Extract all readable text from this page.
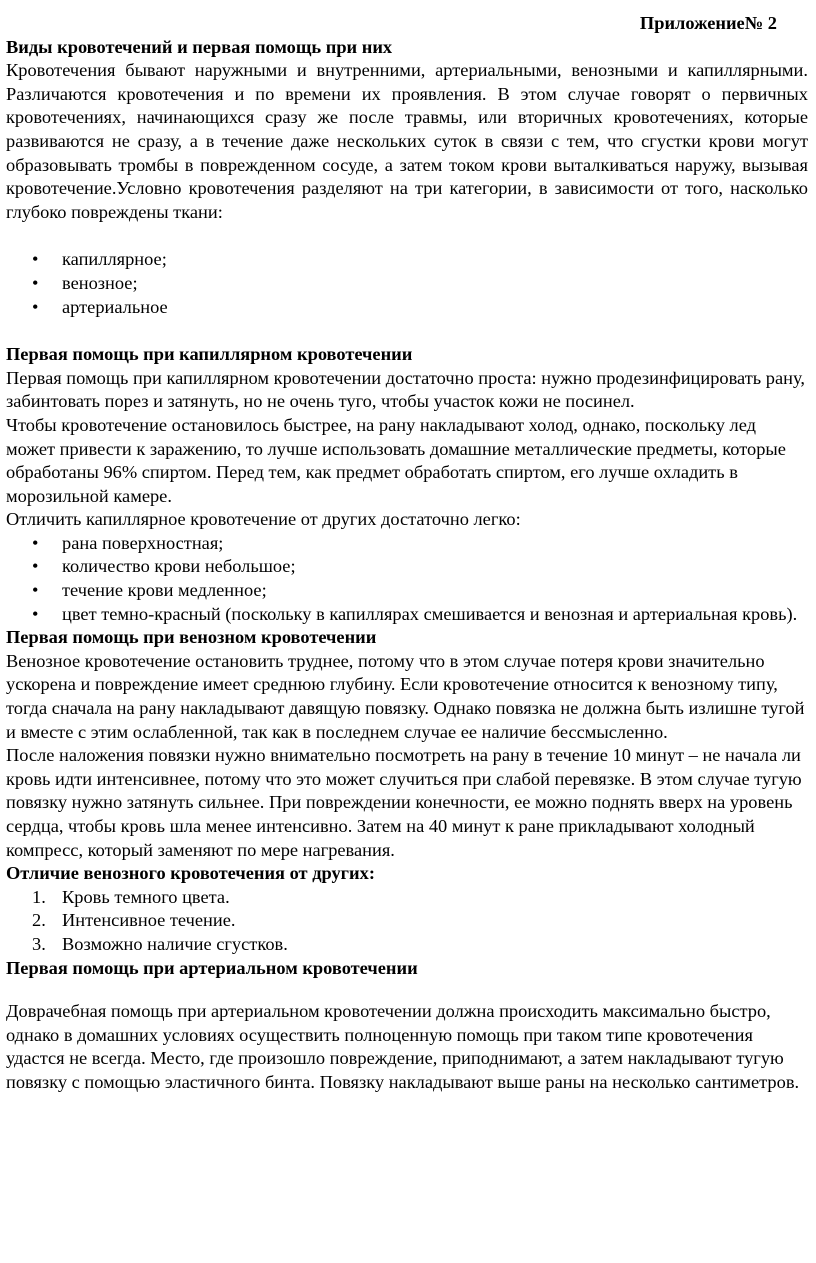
Приложение№ 2

Виды кровотечений и первая помощь при них

Кровотечения бывают наружными и внутренними, артериальными, венозными и капиллярными. Различаются кровотечения и по времени их проявления. В этом случае говорят о первичных кровотечениях, начинающихся сразу же после травмы, или вторичных кровотечениях, которые развиваются не сразу, а в течение даже нескольких суток в связи с тем, что сгустки крови могут образовывать тромбы в поврежденном сосуде, а затем током крови выталкиваться наружу, вызывая кровотечение.Условно кровотечения разделяют на три категории, в зависимости от того, насколько глубоко повреждены ткани:

• капиллярное;
• венозное;
• артериальное

Первая помощь при капиллярном кровотечении

Первая помощь при капиллярном кровотечении достаточно проста: нужно продезинфицировать рану, забинтовать порез и затянуть, но не очень туго, чтобы участок кожи не посинел.

Чтобы кровотечение остановилось быстрее, на рану накладывают холод, однако, поскольку лед может привести к заражению, то лучше использовать домашние металлические предметы, которые обработаны 96% спиртом. Перед тем, как предмет обработать спиртом, его лучше охладить в морозильной камере.

Отличить капиллярное кровотечение от других достаточно легко:

• рана поверхностная;
• количество крови небольшое;
• течение крови медленное;
• цвет темно-красный (поскольку в капиллярах смешивается и венозная и артериальная кровь).

Первая помощь при венозном кровотечении

Венозное кровотечение остановить труднее, потому что в этом случае потеря крови значительно ускорена и повреждение имеет среднюю глубину. Если кровотечение относится к венозному типу, тогда сначала на рану накладывают давящую повязку. Однако повязка не должна быть излишне тугой и вместе с этим ослабленной, так как в последнем случае ее наличие бессмысленно.

После наложения повязки нужно внимательно посмотреть на рану в течение 10 минут – не начала ли кровь идти интенсивнее, потому что это может случиться при слабой перевязке. В этом случае тугую повязку нужно затянуть сильнее. При повреждении конечности, ее можно поднять вверх на уровень сердца, чтобы кровь шла менее интенсивно. Затем на 40 минут к ране прикладывают холодный компресс, который заменяют по мере нагревания.

Отличие венозного кровотечения от других:

1. Кровь темного цвета.
2. Интенсивное течение.
3. Возможно наличие сгустков.

Первая помощь при артериальном кровотечении

Доврачебная помощь при артериальном кровотечении должна происходить максимально быстро, однако в домашних условиях осуществить полноценную помощь при таком типе кровотечения удастся не всегда. Место, где произошло повреждение, приподнимают, а затем накладывают тугую повязку с помощью эластичного бинта. Повязку накладывают выше раны на несколько сантиметров.
